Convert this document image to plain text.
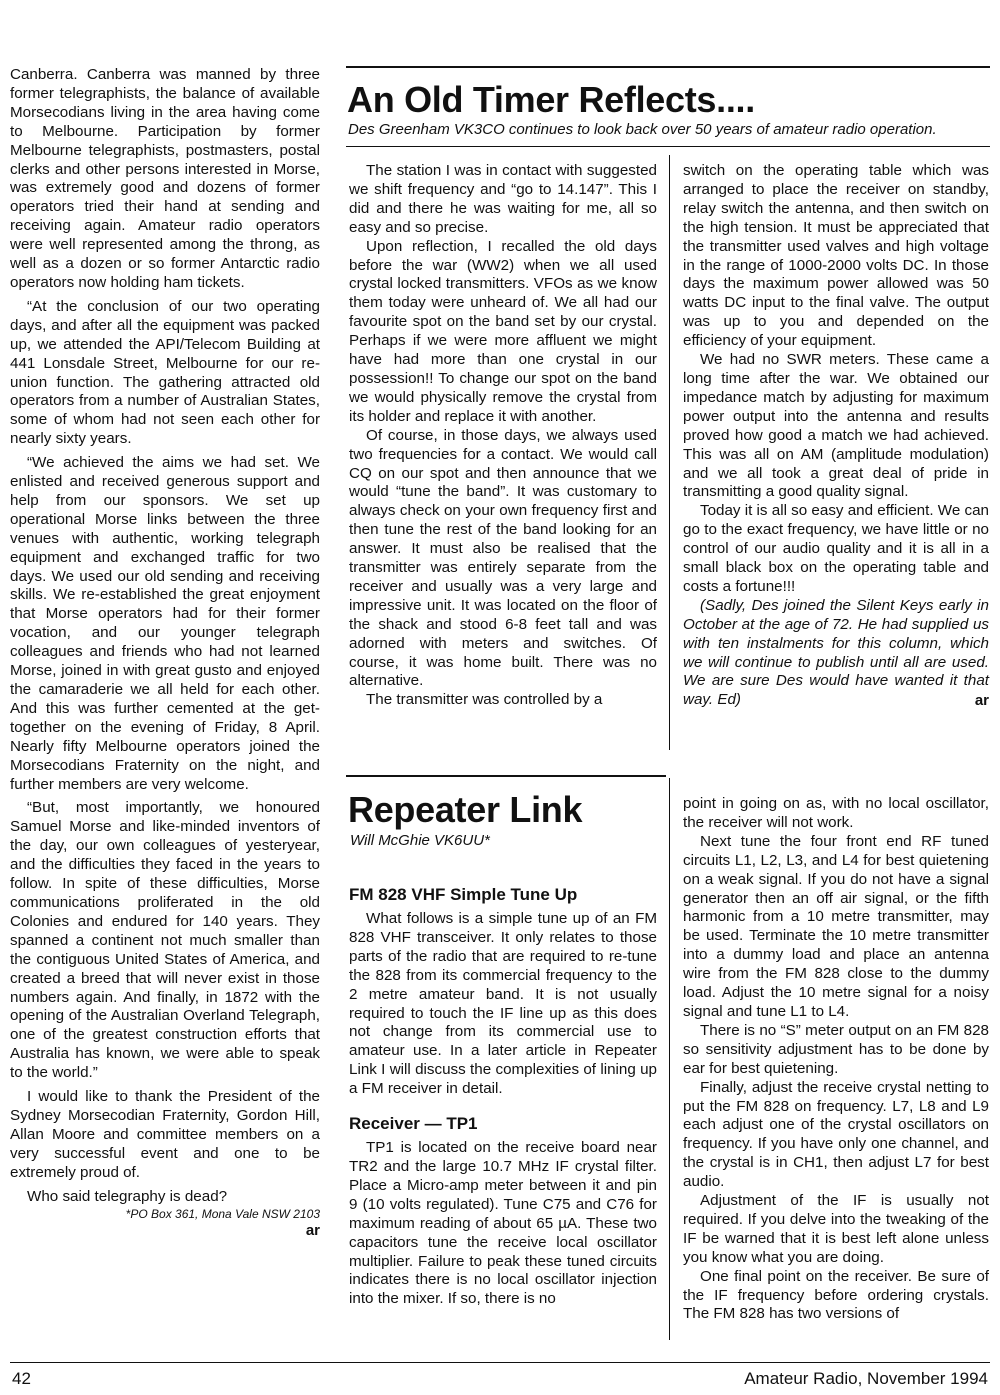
Canberra. Canberra was manned by three former telegraphists, the balance of available Morsecodians living in the area having come to Melbourne. Participation by former Melbourne telegraphists, postmasters, postal clerks and other persons interested in Morse, was extremely good and dozens of former operators tried their hand at sending and receiving again. Amateur radio operators were well represented among the throng, as well as a dozen or so former Antarctic radio operators now holding ham tickets.

“At the conclusion of our two operating days, and after all the equipment was packed up, we attended the API/Telecom Building at 441 Lonsdale Street, Melbourne for our re-union function. The gathering attracted old operators from a number of Australian States, some of whom had not seen each other for nearly sixty years.

“We achieved the aims we had set. We enlisted and received generous support and help from our sponsors. We set up operational Morse links between the three venues with authentic, working telegraph equipment and exchanged traffic for two days. We used our old sending and receiving skills. We re-established the great enjoyment that Morse operators had for their former vocation, and our younger telegraph colleagues and friends who had not learned Morse, joined in with great gusto and enjoyed the camaraderie we all held for each other. And this was further cemented at the get-together on the evening of Friday, 8 April. Nearly fifty Melbourne operators joined the Morsecodians Fraternity on the night, and further members are very welcome.

“But, most importantly, we honoured Samuel Morse and like-minded inventors of the day, our own colleagues of yesteryear, and the difficulties they faced in the years to follow. In spite of these difficulties, Morse communications proliferated in the old Colonies and endured for 140 years. They spanned a continent not much smaller than the contiguous United States of America, and created a breed that will never exist in those numbers again. And finally, in 1872 with the opening of the Australian Overland Telegraph, one of the greatest construction efforts that Australia has known, we were able to speak to the world.”

I would like to thank the President of the Sydney Morsecodian Fraternity, Gordon Hill, Allan Moore and committee members on a very successful event and one to be extremely proud of.

Who said telegraphy is dead?

*PO Box 361, Mona Vale NSW 2103
ar
An Old Timer Reflects....

Des Greenham VK3CO continues to look back over 50 years of amateur radio operation.

The station I was in contact with suggested we shift frequency and “go to 14.147”. This I did and there he was waiting for me, all so easy and so precise.

Upon reflection, I recalled the old days before the war (WW2) when we all used crystal locked transmitters. VFOs as we know them today were unheard of. We all had our favourite spot on the band set by our crystal. Perhaps if we were more affluent we might have had more than one crystal in our possession!! To change our spot on the band we would physically remove the crystal from its holder and replace it with another.

Of course, in those days, we always used two frequencies for a contact. We would call CQ on our spot and then announce that we would “tune the band”. It was customary to always check on your own frequency first and then tune the rest of the band looking for an answer. It must also be realised that the transmitter was entirely separate from the receiver and usually was a very large and impressive unit. It was located on the floor of the shack and stood 6-8 feet tall and was adorned with meters and switches. Of course, it was home built. There was no alternative.

The transmitter was controlled by a

switch on the operating table which was arranged to place the receiver on standby, relay switch the antenna, and then switch on the high tension. It must be appreciated that the transmitter used valves and high voltage in the range of 1000-2000 volts DC. In those days the maximum power allowed was 50 watts DC input to the final valve. The output was up to you and depended on the efficiency of your equipment.

We had no SWR meters. These came a long time after the war. We obtained our impedance match by adjusting for maximum power output into the antenna and results proved how good a match we had achieved. This was all on AM (amplitude modulation) and we all took a great deal of pride in transmitting a good quality signal.

Today it is all so easy and efficient. We can go to the exact frequency, we have little or no control of our audio quality and it is all in a small black box on the operating table and costs a fortune!!!

(Sadly, Des joined the Silent Keys early in October at the age of 72. He had supplied us with ten instalments for this column, which we will continue to publish until all are used. We are sure Des would have wanted it that way. Ed)	ar
Repeater Link

Will McGhie VK6UU*

FM 828 VHF Simple Tune Up

What follows is a simple tune up of an FM 828 VHF transceiver. It only relates to those parts of the radio that are required to re-tune the 828 from its commercial frequency to the 2 metre amateur band. It is not usually required to touch the IF line up as this does not change from its commercial use to amateur use. In a later article in Repeater Link I will discuss the complexities of lining up a FM receiver in detail.

Receiver — TP1

TP1 is located on the receive board near TR2 and the large 10.7 MHz IF crystal filter. Place a Micro-amp meter between it and pin 9 (10 volts regulated). Tune C75 and C76 for maximum reading of about 65 µA. These two capacitors tune the receive local oscillator multiplier. Failure to peak these tuned circuits indicates there is no local oscillator injection into the mixer. If so, there is no

point in going on as, with no local oscillator, the receiver will not work.

Next tune the four front end RF tuned circuits L1, L2, L3, and L4 for best quietening on a weak signal. If you do not have a signal generator then an off air signal, or the fifth harmonic from a 10 metre transmitter, may be used. Terminate the 10 metre transmitter into a dummy load and place an antenna wire from the FM 828 close to the dummy load. Adjust the 10 metre signal for a noisy signal and tune L1 to L4.

There is no “S” meter output on an FM 828 so sensitivity adjustment has to be done by ear for best quietening.

Finally, adjust the receive crystal netting to put the FM 828 on frequency. L7, L8 and L9 each adjust one of the crystal oscillators on frequency. If you have only one channel, and the crystal is in CH1, then adjust L7 for best audio.

Adjustment of the IF is usually not required. If you delve into the tweaking of the IF be warned that it is best left alone unless you know what you are doing.

One final point on the receiver. Be sure of the IF frequency before ordering crystals. The FM 828 has two versions of

42	Amateur Radio, November 1994
